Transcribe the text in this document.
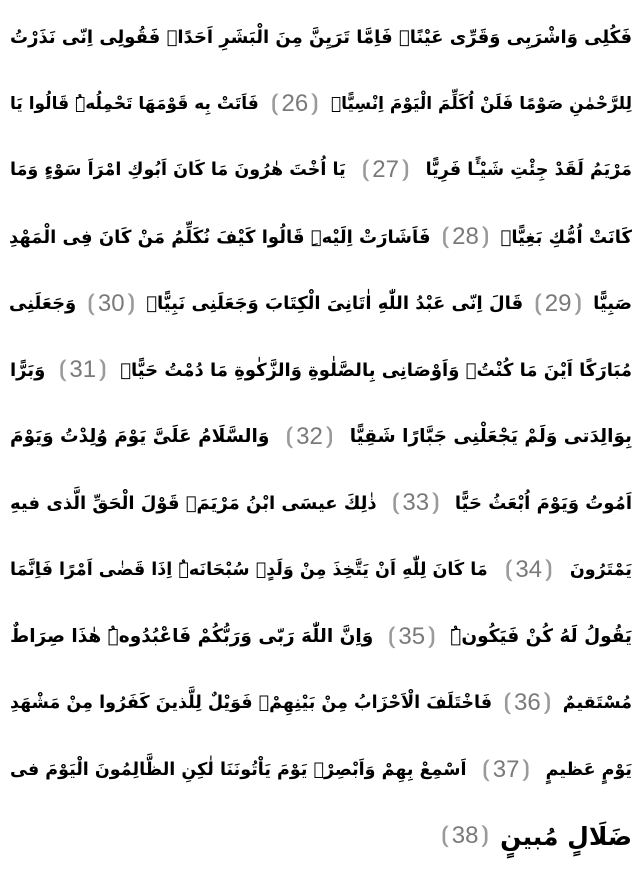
فَكُلِى وَاشْرَبِى وَقَرِّى عَيْنًاۚ فَاِمَّا تَرَيِنَّ مِنَ الْبَشَرِ اَحَدًاۙ فَقُولِى اِنّى نَذَرْتُ
لِلرَّحْمٰنِ صَوْمًا فَلَنْ اُكَلِّمَ الْيَوْمَ اِنْسِيًّاۚ
⟮ 26 ⟯
فَاَتَتْ بِه قَوْمَهَا تَحْمِلُهُۜ قَالُوا يَا
مَرْيَمُ لَقَدْ جِئْتِ شَيْـًٔا فَرِيًّا
⟮ 27 ⟯
يَا اُخْتَ هٰرُونَ مَا كَانَ اَبُوكِ امْرَاَ سَوْءٍ وَمَا
كَانَتْ اُمُّكِ بَغِيًّاۚ
⟮ 28 ⟯
فَاَشَارَتْ اِلَيْهِۜ قَالُوا كَيْفَ نُكَلِّمُ مَنْ كَانَ فِى الْمَهْدِ
صَبِيًّا
⟮ 29 ⟯
قَالَ اِنّى عَبْدُ اللّٰهِ اٰتَانِىَ الْكِتَابَ وَجَعَلَنِى نَبِيًّاۙ
⟮ 30 ⟯
وَجَعَلَنِى
مُبَارَكًا اَيْنَ مَا كُنْتُۖ وَاَوْصَانِى بِالصَّلٰوةِ وَالزَّكٰوةِ مَا دُمْتُ حَيًّاۖ
⟮ 31 ⟯
وَبَرًّا
بِوَالِدَتى وَلَمْ يَجْعَلْنِى جَبَّارًا شَقِيًّا
⟮ 32 ⟯
وَالسَّلَامُ عَلَىَّ يَوْمَ وُلِدْتُ وَيَوْمَ
اَمُوتُ وَيَوْمَ اُبْعَثُ حَيًّا
⟮ 33 ⟯
ذٰلِكَ عيسَى ابْنُ مَرْيَمَۚ قَوْلَ الْحَقِّ الَّذى فيهِ
يَمْتَرُونَ
⟮ 34 ⟯
مَا كَانَ لِلّٰهِ اَنْ يَتَّخِذَ مِنْ وَلَدٍۙ سُبْحَانَهُۜ اِذَا قَضٰى اَمْرًا فَاِنَّمَا
يَقُولُ لَهُ كُنْ فَيَكُونُۜ
⟮ 35 ⟯
وَاِنَّ اللّٰهَ رَبّى وَرَبُّكُمْ فَاعْبُدُوهُۜ هٰذَا صِرَاطٌ
مُسْتَقيمٌ
⟮ 36 ⟯
فَاخْتَلَفَ الْاَحْزَابُ مِنْ بَيْنِهِمْۚ فَوَيْلٌ لِلَّذينَ كَفَرُوا مِنْ مَشْهَدِ
يَوْمٍ عَظيمٍ
⟮ 37 ⟯
اَسْمِعْ بِهِمْ وَاَبْصِرْۙ يَوْمَ يَاْتُونَنَا لٰكِنِ الظَّالِمُونَ الْيَوْمَ فى
ضَلَالٍ مُبينٍ
⟮ 38 ⟯
